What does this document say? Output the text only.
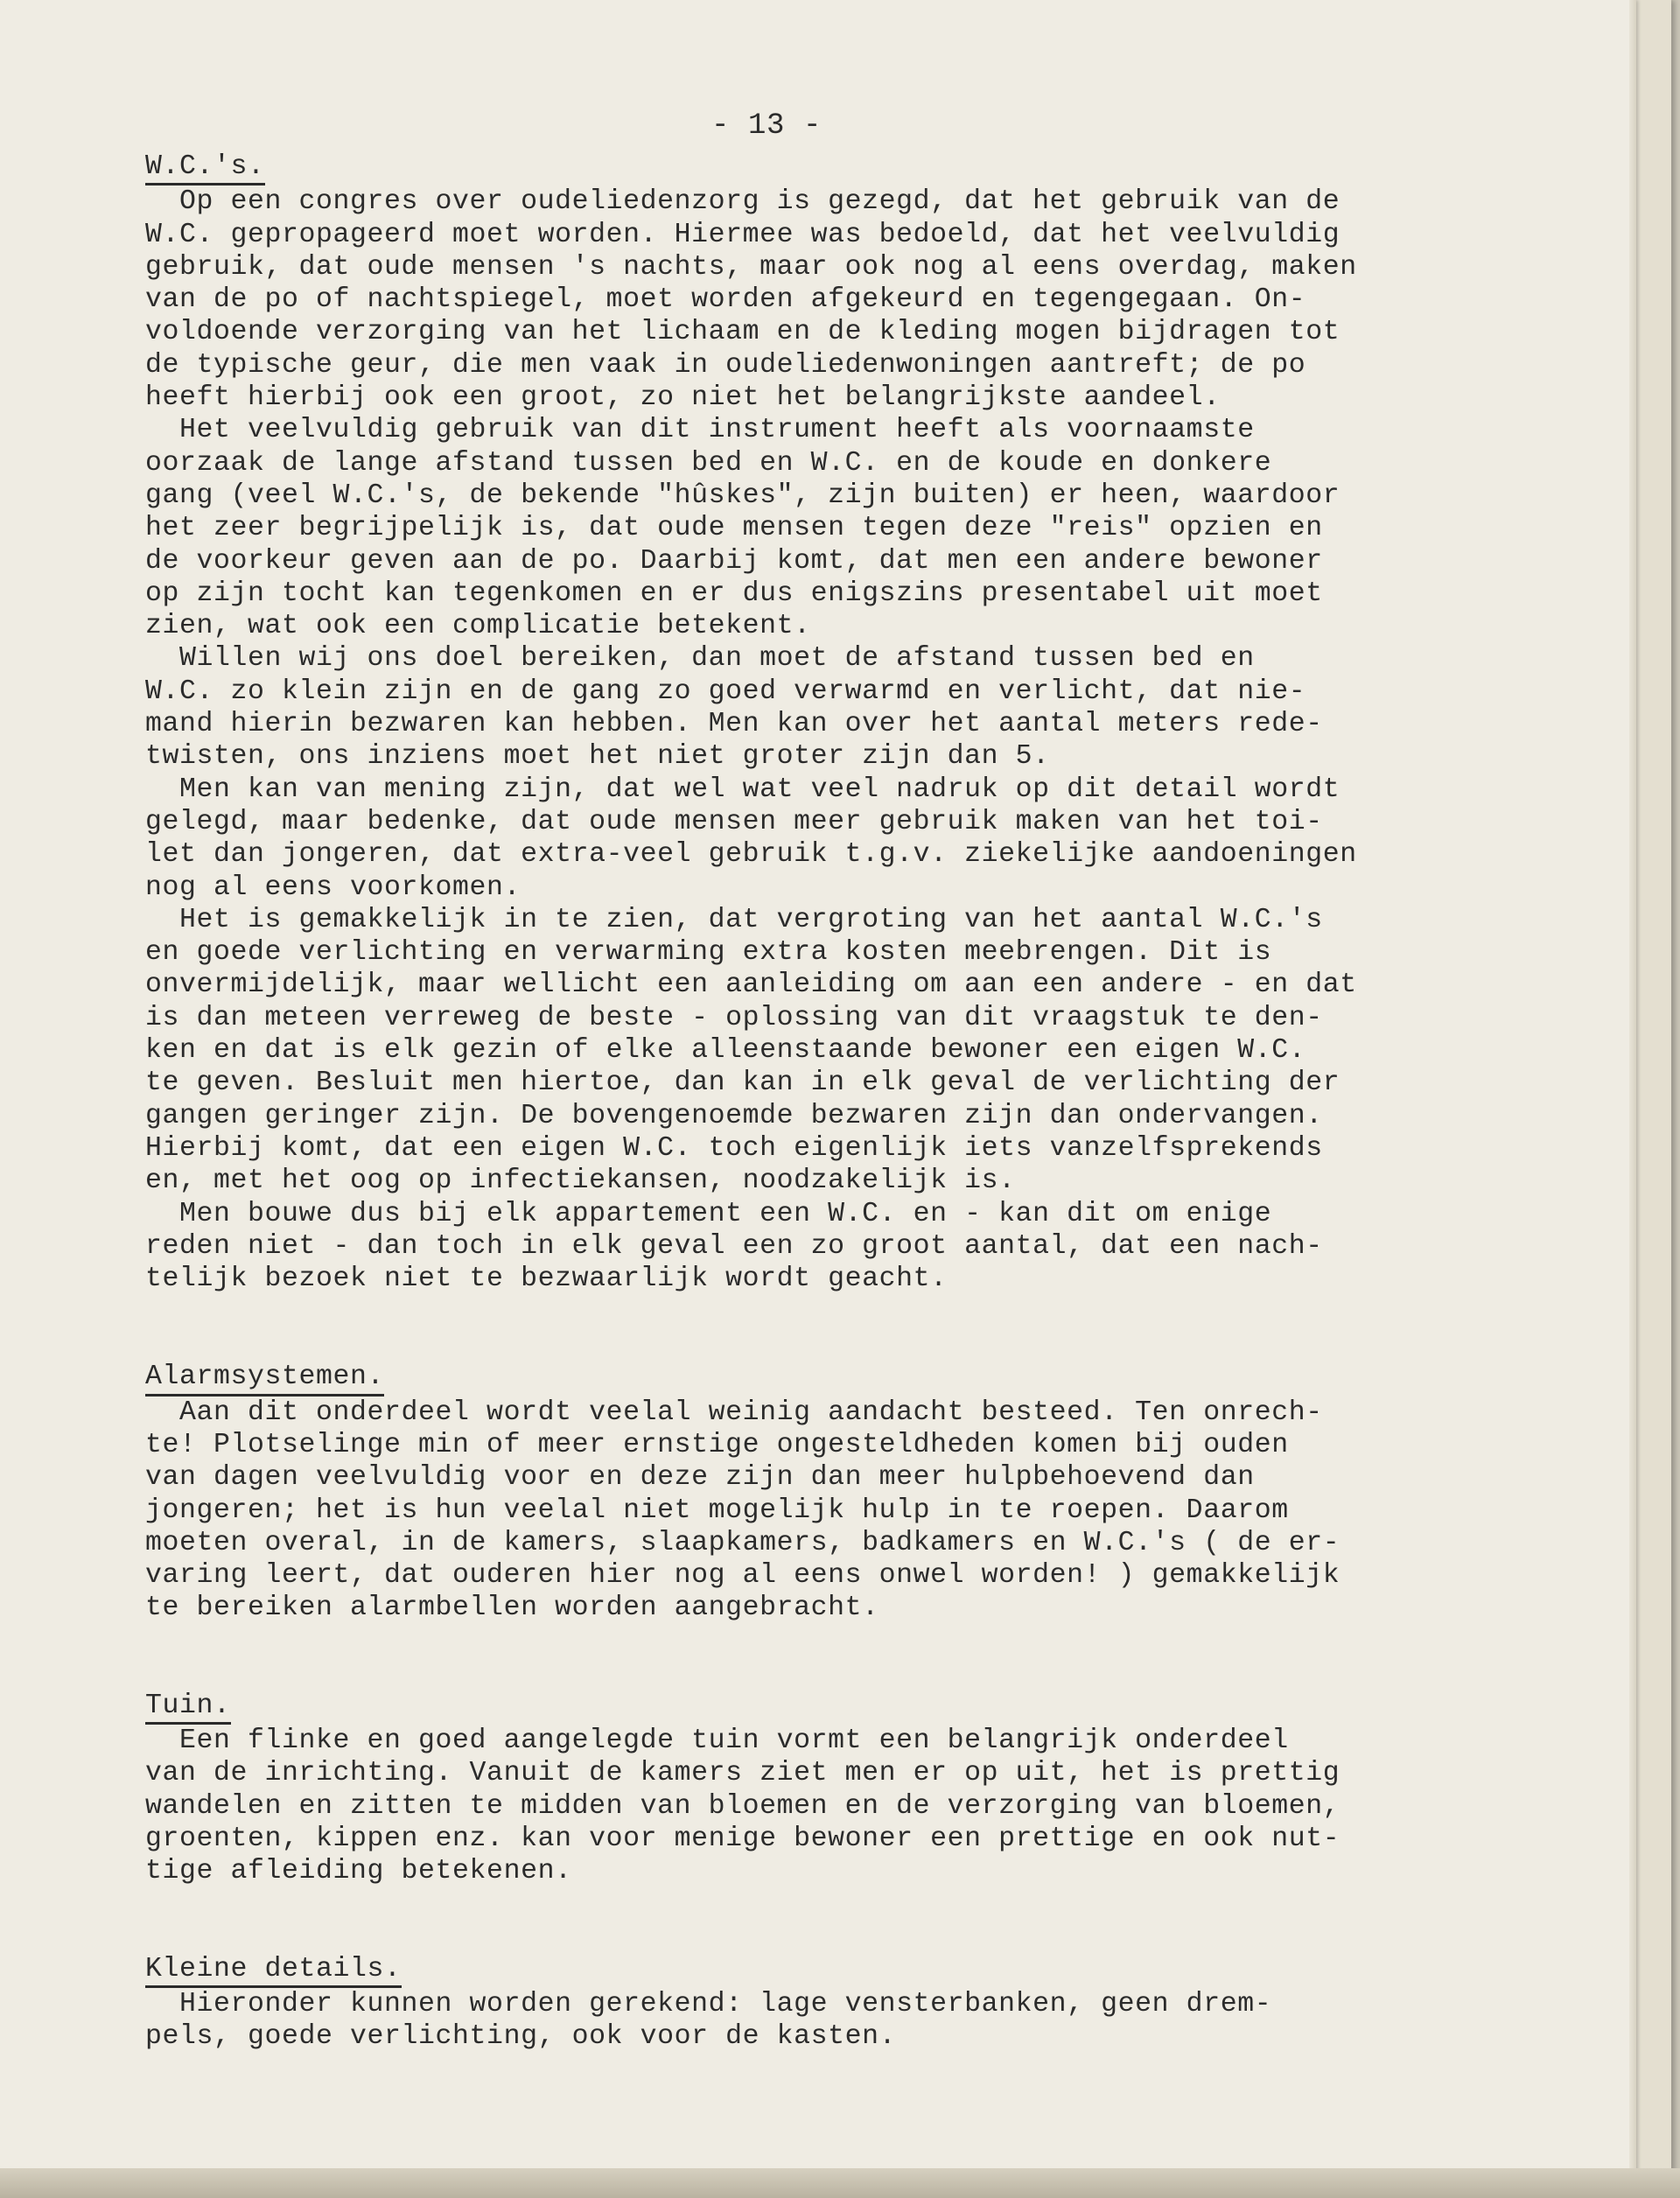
- 13 -
W.C.'s.
Op een congres over oudeliedenzorg is gezegd, dat het gebruik van de
W.C. gepropageerd moet worden. Hiermee was bedoeld, dat het veelvuldig
gebruik, dat oude mensen 's nachts, maar ook nog al eens overdag, maken
van de po of nachtspiegel, moet worden afgekeurd en tegengegaan. On-
voldoende verzorging van het lichaam en de kleding mogen bijdragen tot
de typische geur, die men vaak in oudeliedenwoningen aantreft; de po
heeft hierbij ook een groot, zo niet het belangrijkste aandeel.
Het veelvuldig gebruik van dit instrument heeft als voornaamste
oorzaak de lange afstand tussen bed en W.C. en de koude en donkere
gang (veel W.C.'s, de bekende "hûskes", zijn buiten) er heen, waardoor
het zeer begrijpelijk is, dat oude mensen tegen deze "reis" opzien en
de voorkeur geven aan de po. Daarbij komt, dat men een andere bewoner
op zijn tocht kan tegenkomen en er dus enigszins presentabel uit moet
zien, wat ook een complicatie betekent.
Willen wij ons doel bereiken, dan moet de afstand tussen bed en
W.C. zo klein zijn en de gang zo goed verwarmd en verlicht, dat nie-
mand hierin bezwaren kan hebben. Men kan over het aantal meters rede-
twisten, ons inziens moet het niet groter zijn dan 5.
Men kan van mening zijn, dat wel wat veel nadruk op dit detail wordt
gelegd, maar bedenke, dat oude mensen meer gebruik maken van het toi-
let dan jongeren, dat extra-veel gebruik t.g.v. ziekelijke aandoeningen
nog al eens voorkomen.
Het is gemakkelijk in te zien, dat vergroting van het aantal W.C.'s
en goede verlichting en verwarming extra kosten meebrengen. Dit is
onvermijdelijk, maar wellicht een aanleiding om aan een andere - en dat
is dan meteen verreweg de beste - oplossing van dit vraagstuk te den-
ken en dat is elk gezin of elke alleenstaande bewoner een eigen W.C.
te geven. Besluit men hiertoe, dan kan in elk geval de verlichting der
gangen geringer zijn. De bovengenoemde bezwaren zijn dan ondervangen.
Hierbij komt, dat een eigen W.C. toch eigenlijk iets vanzelfsprekends
en, met het oog op infectiekansen, noodzakelijk is.
Men bouwe dus bij elk appartement een W.C. en - kan dit om enige
reden niet - dan toch in elk geval een zo groot aantal, dat een nach-
telijk bezoek niet te bezwaarlijk wordt geacht.
Alarmsystemen.
Aan dit onderdeel wordt veelal weinig aandacht besteed. Ten onrech-
te! Plotselinge min of meer ernstige ongesteldheden komen bij ouden
van dagen veelvuldig voor en deze zijn dan meer hulpbehoevend dan
jongeren; het is hun veelal niet mogelijk hulp in te roepen. Daarom
moeten overal, in de kamers, slaapkamers, badkamers en W.C.'s ( de er-
varing leert, dat ouderen hier nog al eens onwel worden! ) gemakkelijk
te bereiken alarmbellen worden aangebracht.
Tuin.
Een flinke en goed aangelegde tuin vormt een belangrijk onderdeel
van de inrichting. Vanuit de kamers ziet men er op uit, het is prettig
wandelen en zitten te midden van bloemen en de verzorging van bloemen,
groenten, kippen enz. kan voor menige bewoner een prettige en ook nut-
tige afleiding betekenen.
Kleine details.
Hieronder kunnen worden gerekend: lage vensterbanken, geen drem-
pels, goede verlichting, ook voor de kasten.
